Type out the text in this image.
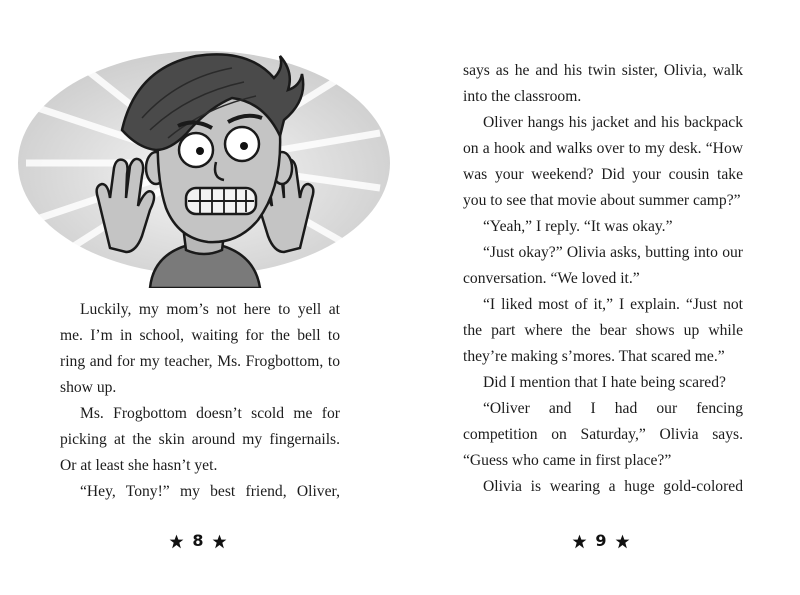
Luckily, my mom’s not here to yell at me. I’m in school, waiting for the bell to ring and for my teacher, Ms. Frogbottom, to show up.

Ms. Frogbottom doesn’t scold me for picking at the skin around my fingernails. Or at least she hasn’t yet.

“Hey, Tony!” my best friend, Oliver,

8

says as he and his twin sister, Olivia, walk into the classroom.

Oliver hangs his jacket and his backpack on a hook and walks over to my desk. “How was your weekend? Did your cousin take you to see that movie about summer camp?”

“Yeah,” I reply. “It was okay.”

“Just okay?” Olivia asks, butting into our conversation. “We loved it.”

“I liked most of it,” I explain. “Just not the part where the bear shows up while they’re making s’mores. That scared me.”

Did I mention that I hate being scared?

“Oliver and I had our fencing competition on Saturday,” Olivia says. “Guess who came in first place?”

Olivia is wearing a huge gold-colored

9
